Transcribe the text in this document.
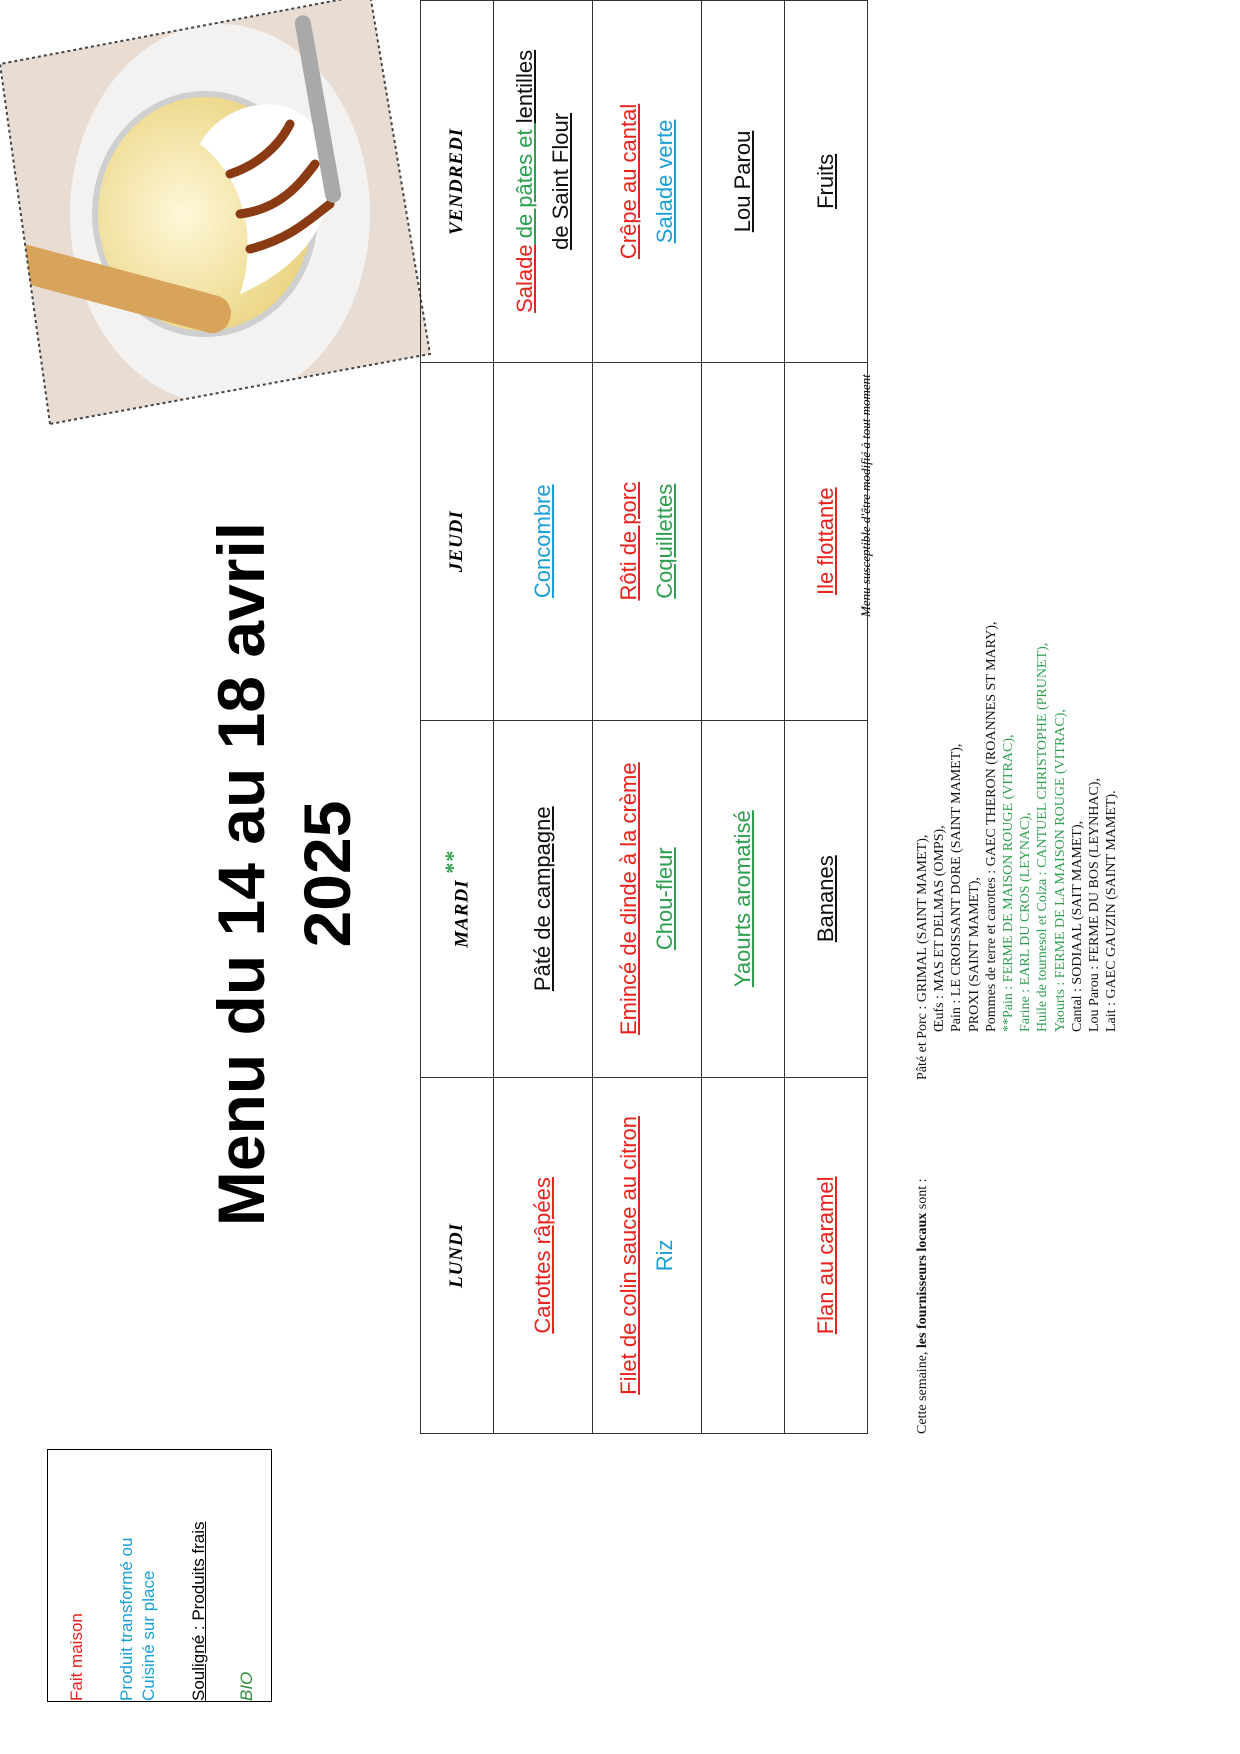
Fait maison Produit transformé ou Cuisiné sur place Souligné : Produits frais BIO
Menu du 14 au 18 avril 2025
LUNDI	MARDI **	JEUDI	VENDREDI
Carottes râpées	Pâté de campagne	Concombre	Salade de pâtes et lentilles
de Saint Flour
Filet de colin sauce au citron Riz	Emincé de dinde à la crème Chou-fleur	Rôti de porc Coquillettes	Crêpe au cantal Salade verte
	Yaourts aromatisé		Lou Parou
Flan au caramel	Bananes	Ile flottante	Fruits
Menu susceptible d'être modifié à tout moment
Cette semaine, les fournisseurs locaux sont :
Pâté et Porc : GRIMAL (SAINT MAMET), Œufs : MAS ET DELMAS (OMPS), Pain : LE CROISSANT DORE (SAINT MAMET), PROXI (SAINT MAMET), Pommes de terre et carottes : GAEC THERON (ROANNES ST MARY), **Pain : FERME DE MAISON ROUGE (VITRAC), Farine : EARL DU CROS (LEYNAC), Huile de tournesol et Colza : CANTUEL CHRISTOPHE (PRUNET), Yaourts : FERME DE LA MAISON ROUGE (VITRAC), Cantal : SODIAAL (SAIT MAMET), Lou Parou : FERME DU BOS (LEYNHAC), Lait : GAEC GAUZIN (SAINT MAMET).
